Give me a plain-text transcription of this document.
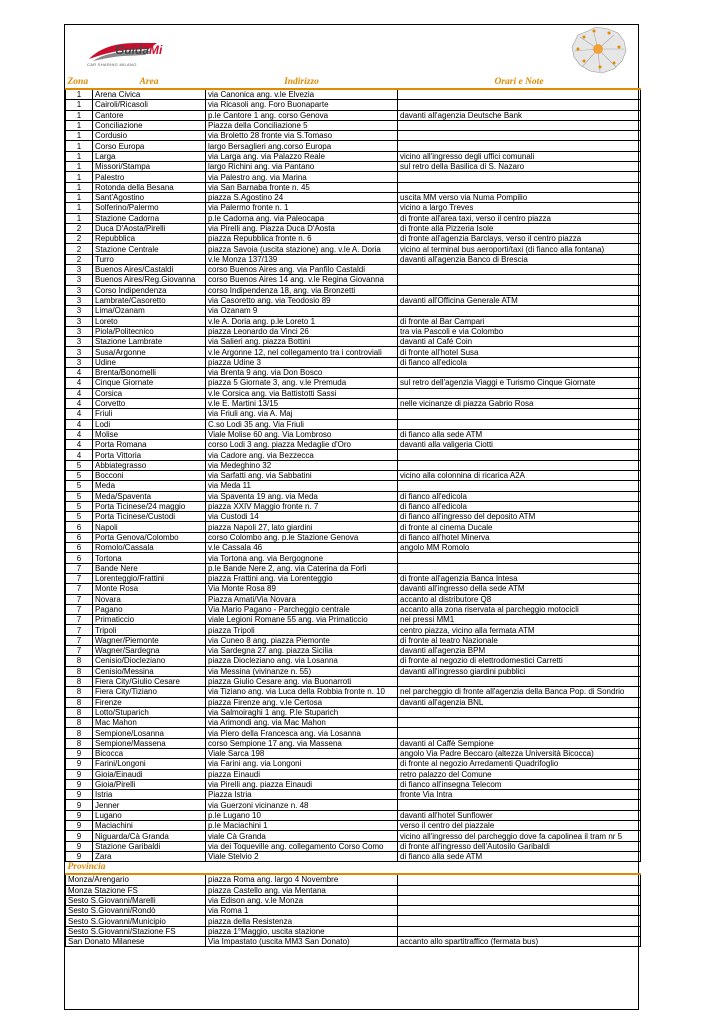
GuidaMi
CAR SHARING MILANO
Zona	Area	Indirizzo	Orari e Note
1	Arena Civica	via Canonica ang. v.le Elvezia	
1	Cairoli/Ricasoli	via Ricasoli ang. Foro Buonaparte	
1	Cantore	p.le Cantore 1 ang. corso Genova	davanti all'agenzia Deutsche Bank
1	Conciliazione	Piazza della Conciliazione 5	
1	Cordusio	via Broletto 28 fronte via S.Tomaso	
1	Corso Europa	largo Bersaglieri ang.corso Europa	
1	Larga	via Larga ang. via Palazzo Reale	vicino all'ingresso degli uffici comunali
1	Missori/Stampa	largo Richini ang. via Pantano	sul retro della Basilica di S. Nazaro
1	Palestro	via Palestro ang. via Marina	
1	Rotonda della Besana	via San Barnaba fronte n. 45	
1	Sant'Agostino	piazza S.Agostino 24	uscita MM verso via Numa Pompilio
1	Solferino/Palermo	via Palermo fronte n. 1	vicino a largo Treves
1	Stazione Cadorna	p.le Cadorna ang. via Paleocapa	di fronte all'area taxi, verso il centro piazza
2	Duca D'Aosta/Pirelli	via Pirelli ang. Piazza Duca D'Aosta	di fronte alla Pizzeria Isole
2	Repubblica	piazza Repubblica fronte n. 6	di fronte all'agenzia Barclays, verso il centro piazza
2	Stazione Centrale	piazza Savoia (uscita stazione) ang. v.le A. Doria	vicino al terminal bus aeroporti/taxi (di fianco alla fontana)
2	Turro	v.le Monza 137/139	davanti all'agenzia Banco di Brescia
3	Buenos Aires/Castaldi	corso Buenos Aires ang. via Panfilo Castaldi	
3	Buenos Aires/Reg.Giovanna	corso Buenos Aires 14 ang. v.le Regina Giovanna	
3	Corso Indipendenza	corso Indipendenza 18, ang. via Bronzetti	
3	Lambrate/Casoretto	via Casoretto ang. via Teodosio 89	davanti all'Officina Generale ATM
3	Lima/Ozanam	via Ozanam 9	
3	Loreto	v.le A. Doria ang. p.le Loreto 1	di fronte al Bar Campari
3	Piola/Politecnico	piazza Leonardo da Vinci 26	tra via Pascoli e via Colombo
3	Stazione Lambrate	via Salieri ang. piazza Bottini	davanti al Café Coin
3	Susa/Argonne	v.le Argonne 12, nel collegamento tra i controviali	di fronte all'hotel Susa
3	Udine	piazza Udine 3	di fianco all'edicola
4	Brenta/Bonomelli	via Brenta 9 ang. via Don Bosco	
4	Cinque Giornate	piazza 5 Giornate 3, ang. v.le Premuda	sul retro dell'agenzia Viaggi e Turismo Cinque Giornate
4	Corsica	v.le Corsica ang. via Battistotti Sassi	
4	Corvetto	v.le E. Martini 13/15	nelle vicinanze di piazza Gabrio Rosa
4	Friuli	via Friuli ang. via A. Maj	
4	Lodi	C.so Lodi 35 ang. Via Friuli	
4	Molise	Viale Molise 60 ang. Via Lombroso	di fianco alla sede ATM
4	Porta Romana	corso Lodi 3 ang. piazza Medaglie d'Oro	davanti alla valigeria Ciotti
4	Porta Vittoria	via Cadore ang. via Bezzecca	
5	Abbiategrasso	via Medeghino 32	
5	Bocconi	via Sarfatti ang. via Sabbatini	vicino alla colonnina di ricarica A2A
5	Meda	via Meda 11	
5	Meda/Spaventa	via Spaventa 19 ang. via Meda	di fianco all'edicola
5	Porta Ticinese/24 maggio	piazza XXIV Maggio fronte n. 7	di fianco all'edicola
5	Porta Ticinese/Custodi	via Custodi 14	di fianco all'ingresso del deposito ATM
6	Napoli	piazza Napoli 27, lato giardini	di fronte al cinema Ducale
6	Porta Genova/Colombo	corso Colombo ang. p.le Stazione Genova	di fianco all'hotel Minerva
6	Romolo/Cassala	v.le Cassala 46	angolo MM Romolo
6	Tortona	via Tortona ang. via Bergognone	
7	Bande Nere	p.le Bande Nere 2, ang. via Caterina da Forlì	
7	Lorenteggio/Frattini	piazza Frattini ang. via Lorenteggio	di fronte all'agenzia Banca Intesa
7	Monte Rosa	Via Monte Rosa 89	davanti all'ingresso della sede ATM
7	Novara	Piazza Amati/Via Novara	accanto al distributore Q8
7	Pagano	Via Mario Pagano - Parcheggio centrale	accanto alla zona riservata al parcheggio motocicli
7	Primaticcio	viale Legioni Romane 55 ang. via Primaticcio	nei pressi MM1
7	Tripoli	piazza Tripoli	centro piazza, vicino alla fermata ATM
7	Wagner/Piemonte	via Cuneo 8 ang. piazza Piemonte	di fronte al teatro Nazionale
7	Wagner/Sardegna	via Sardegna 27 ang. piazza Sicilia	davanti all'agenzia BPM
8	Cenisio/Diocleziano	piazza Diocleziano ang. via Losanna	di fronte al negozio di elettrodomestici Carretti
8	Cenisio/Messina	via Messina (vivinanze n. 55)	davanti all'ingresso giardini pubblici
8	Fiera City/Giulio Cesare	piazza Giulio Cesare ang. via Buonarroti	
8	Fiera City/Tiziano	via Tiziano ang. via Luca della Robbia fronte n. 10	nel parcheggio di fronte all'agenzia della Banca Pop. di Sondrio
8	Firenze	piazza Firenze ang. v.le Certosa	davanti all'agenzia BNL
8	Lotto/Stuparich	via Salmoiraghi 1 ang. P.le Stuparich	
8	Mac Mahon	via Arimondi ang. via Mac Mahon	
8	Sempione/Losanna	via Piero della Francesca ang. via Losanna	
8	Sempione/Massena	corso Sempione 17 ang. via Massena	davanti al Caffè Sempione
9	Bicocca	Viale Sarca 198	angolo Via Padre Beccaro (altezza Università Bicocca)
9	Farini/Longoni	via Farini ang. via Longoni	di fronte al negozio Arredamenti Quadrifoglio
9	Gioia/Einaudi	piazza Einaudi	retro palazzo del Comune
9	Gioia/Pirelli	via Pirelli ang. piazza Einaudi	di fianco all'insegna Telecom
9	Istria	Piazza Istria	fronte Via Intra
9	Jenner	via Guerzoni vicinanze n. 48	
9	Lugano	p.le Lugano 10	davanti all'hotel Sunflower
9	Maciachini	p.le Maciachini 1	verso il centro del piazzale
9	Niguarda/Cà Granda	viale Cà Granda	vicino all'ingresso del parcheggio dove fa capolinea il tram nr 5
9	Stazione Garibaldi	via dei Toqueville ang. collegamento Corso Como	di fronte all'ingresso dell'Autosilo Garibaldi
9	Zara	Viale Stelvio 2	di fianco alla sede ATM
Provincia			
Monza/Arengario		piazza Roma ang. largo 4 Novembre	
Monza Stazione FS		piazza Castello ang. via Mentana	
Sesto S.Giovanni/Marelli		via Edison ang. v.le Monza	
Sesto S.Giovanni/Rondò		via Roma 1	
Sesto S.Giovanni/Municipio		piazza della Resistenza	
Sesto S.Giovanni/Stazione FS		piazza 1°Maggio, uscita stazione	
San Donato Milanese		Via Impastato (uscita MM3 San Donato)	accanto allo spartitraffico (fermata bus)
